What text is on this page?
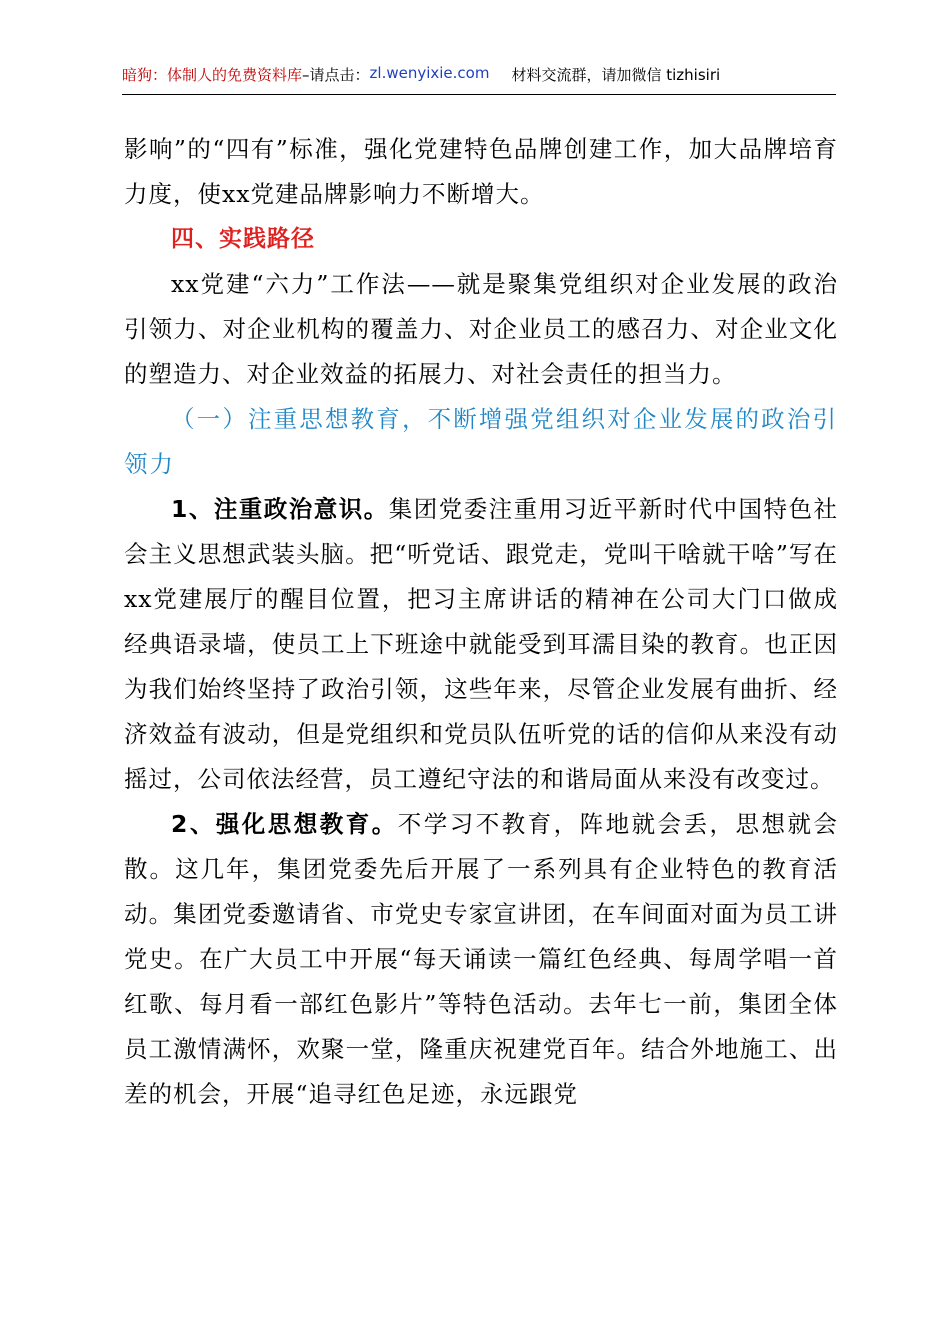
暗狗：体制人的免费资料库–请点击：zl.wenyixie.com 材料交流群，请加微信 tizhisiri

影响”的“四有”标准，强化党建特色品牌创建工作，加大品牌培育力度，使xx党建品牌影响力不断增大。

四、实践路径

xx党建“六力”工作法——就是聚集党组织对企业发展的政治引领力、对企业机构的覆盖力、对企业员工的感召力、对企业文化的塑造力、对企业效益的拓展力、对社会责任的担当力。

（一）注重思想教育，不断增强党组织对企业发展的政治引领力

1、注重政治意识。集团党委注重用习近平新时代中国特色社会主义思想武装头脑。把“听党话、跟党走，党叫干啥就干啥”写在xx党建展厅的醒目位置，把习主席讲话的精神在公司大门口做成经典语录墙，使员工上下班途中就能受到耳濡目染的教育。也正因为我们始终坚持了政治引领，这些年来，尽管企业发展有曲折、经济效益有波动，但是党组织和党员队伍听党的话的信仰从来没有动摇过，公司依法经营，员工遵纪守法的和谐局面从来没有改变过。

2、强化思想教育。不学习不教育，阵地就会丢，思想就会散。这几年，集团党委先后开展了一系列具有企业特色的教育活动。集团党委邀请省、市党史专家宣讲团，在车间面对面为员工讲党史。在广大员工中开展“每天诵读一篇红色经典、每周学唱一首红歌、每月看一部红色影片”等特色活动。去年七一前，集团全体员工激情满怀，欢聚一堂，隆重庆祝建党百年。结合外地施工、出差的机会，开展“追寻红色足迹，永远跟党
